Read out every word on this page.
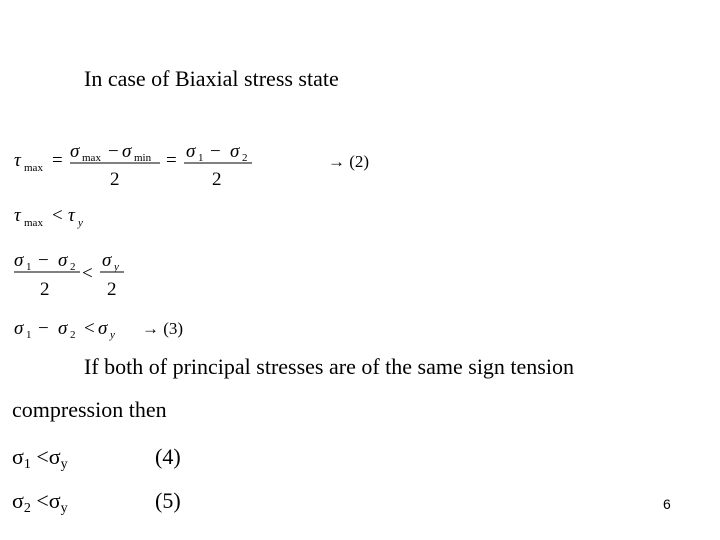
In case of Biaxial stress state
τ max = σ max − σ min
2
= σ 1 − σ 2
2
→ (2)
τ max < τ y
σ 1 − σ 2
2
<
σ y
2
σ 1 − σ 2 < σ y → (3)
If both of principal stresses are of the same sign tension
compression then
$\sigma_1 <\sigma_y$	(4)
$\sigma_2 <\sigma_y$	(5)	6
